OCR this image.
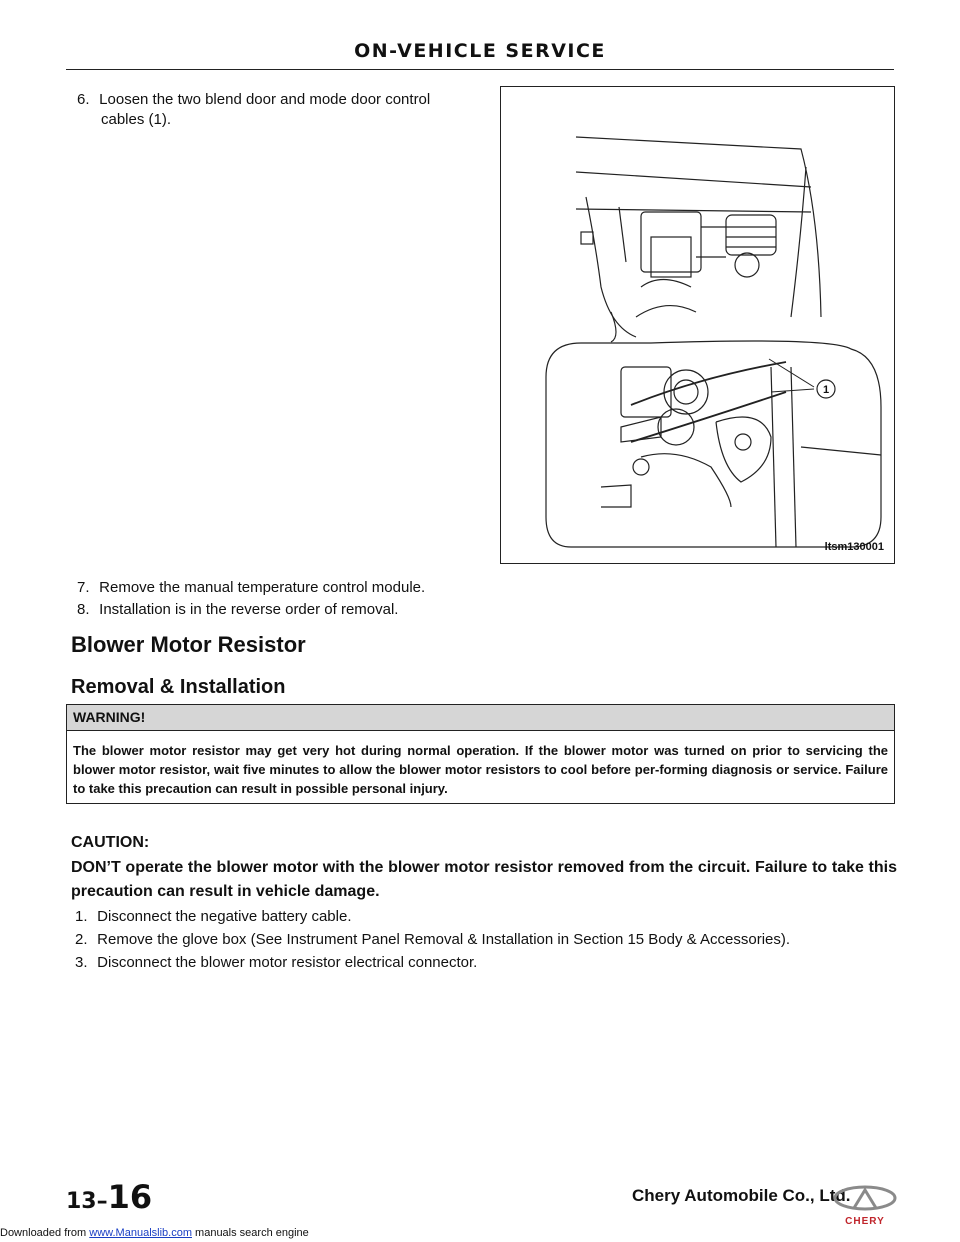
ON-VEHICLE SERVICE
6. Loosen the two blend door and mode door control
cables (1).
1
ltsm130001
7. Remove the manual temperature control module.
8. Installation is in the reverse order of removal.
Blower Motor Resistor
Removal & Installation
WARNING!
The blower motor resistor may get very hot during normal operation. If the blower motor was turned on prior to servicing the blower motor resistor, wait five minutes to allow the blower motor resistors to cool before per-forming diagnosis or service. Failure to take this precaution can result in possible personal injury.
CAUTION:
DON’T operate the blower motor with the blower motor resistor removed from the circuit. Failure to take this precaution can result in vehicle damage.
1. Disconnect the negative battery cable.
2. Remove the glove box (See Instrument Panel Removal & Installation in Section 15 Body & Accessories).
3. Disconnect the blower motor resistor electrical connector.
13–16	Chery Automobile Co., Ltd.
CHERY
Downloaded from www.Manualslib.com manuals search engine
